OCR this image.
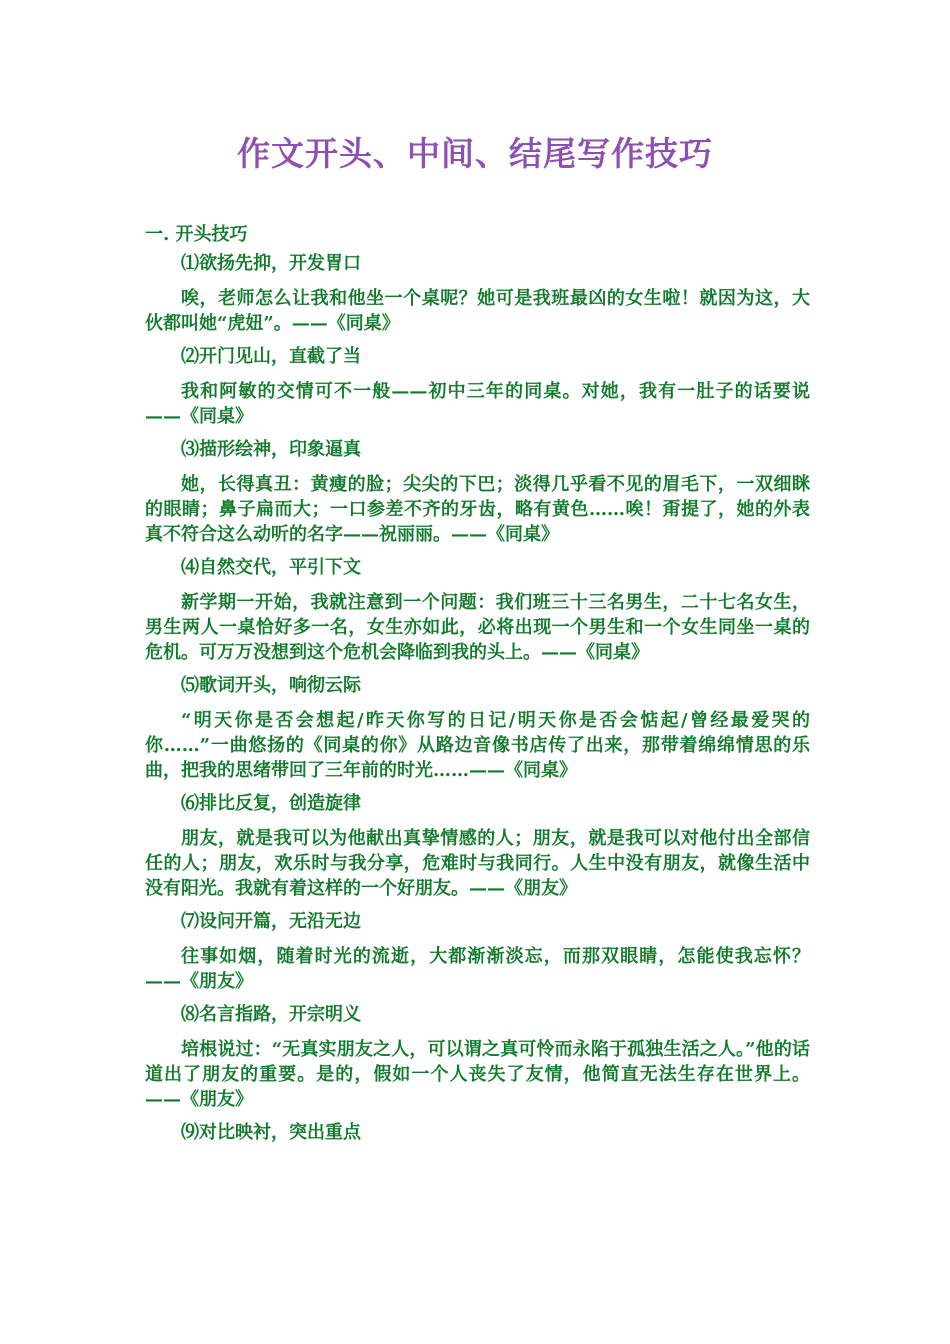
作文开头、中间、结尾写作技巧
一. 开头技巧
⑴欲扬先抑，开发胃口
唉，老师怎么让我和他坐一个桌呢？她可是我班最凶的女生啦！就因为这，大伙都叫她“虎妞”。——《同桌》
⑵开门见山，直截了当
我和阿敏的交情可不一般——初中三年的同桌。对她，我有一肚子的话要说——《同桌》
⑶描形绘神，印象逼真
她，长得真丑：黄瘦的脸；尖尖的下巴；淡得几乎看不见的眉毛下，一双细眯的眼睛；鼻子扁而大；一口参差不齐的牙齿，略有黄色……唉！甭提了，她的外表真不符合这么动听的名字——祝丽丽。——《同桌》
⑷自然交代，平引下文
新学期一开始，我就注意到一个问题：我们班三十三名男生，二十七名女生，男生两人一桌恰好多一名，女生亦如此，必将出现一个男生和一个女生同坐一桌的危机。可万万没想到这个危机会降临到我的头上。——《同桌》
⑸歌词开头，响彻云际
“明天你是否会想起/昨天你写的日记/明天你是否会惦起/曾经最爱哭的你……”一曲悠扬的《同桌的你》从路边音像书店传了出来，那带着绵绵情思的乐曲，把我的思绪带回了三年前的时光……——《同桌》
⑹排比反复，创造旋律
朋友，就是我可以为他献出真挚情感的人；朋友，就是我可以对他付出全部信任的人；朋友，欢乐时与我分享，危难时与我同行。人生中没有朋友，就像生活中没有阳光。我就有着这样的一个好朋友。——《朋友》
⑺设问开篇，无沿无边
往事如烟，随着时光的流逝，大都渐渐淡忘，而那双眼睛，怎能使我忘怀？——《朋友》
⑻名言指路，开宗明义
培根说过：“无真实朋友之人，可以谓之真可怜而永陷于孤独生活之人。”他的话道出了朋友的重要。是的，假如一个人丧失了友情，他简直无法生存在世界上。——《朋友》
⑼对比映衬，突出重点
